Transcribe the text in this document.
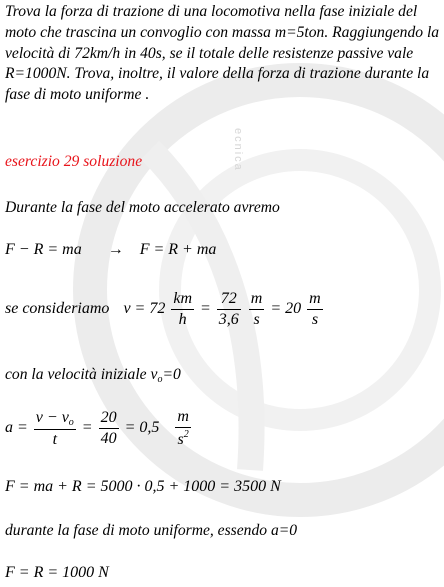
ecnica
Trova la forza di trazione di una locomotiva nella fase iniziale del moto che trascina un convoglio con massa m=5ton. Raggiungendo la velocità di 72km/h in 40s, se il totale delle resistenze passive vale R=1000N. Trova, inoltre, il valore della forza di trazione durante la fase di moto uniforme .
esercizio 29 soluzione
Durante la fase del moto accelerato avremo
F − R = ma → F = R + ma
se consideriamo $v = 72 \frac{km}{h} = \frac{72}{3,6}$
$\frac{m}{s} = 20 \frac{m}{s}$
con la velocità iniziale $v_o=0$
$a = \frac{v - v_o}{t} = \frac{20}{40} = 0,5 \frac{m}{s^2}$
F = ma + R = 5000 · 0,5 + 1000 = 3500 N
durante la fase di moto uniforme, essendo a=0
F = R = 1000 N
